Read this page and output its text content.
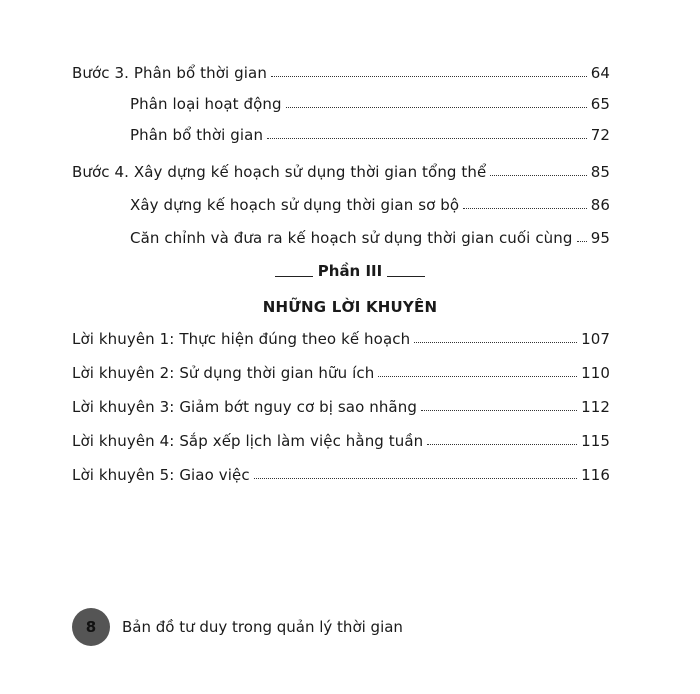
Bước 3. Phân bổ thời gian	64
Phân loại hoạt động	65
Phân bổ thời gian	72
Bước 4. Xây dựng kế hoạch sử dụng thời gian tổng thể	85
Xây dựng kế hoạch sử dụng thời gian sơ bộ	86
Căn chỉnh và đưa ra kế hoạch sử dụng thời gian cuối cùng 95
Phần III
NHỮNG LỜI KHUYÊN
Lời khuyên 1: Thực hiện đúng theo kế hoạch	107
Lời khuyên 2: Sử dụng thời gian hữu ích	110
Lời khuyên 3: Giảm bớt nguy cơ bị sao nhãng	112
Lời khuyên 4: Sắp xếp lịch làm việc hằng tuần	115
Lời khuyên 5: Giao việc	116
8	Bản đồ tư duy trong quản lý thời gian
